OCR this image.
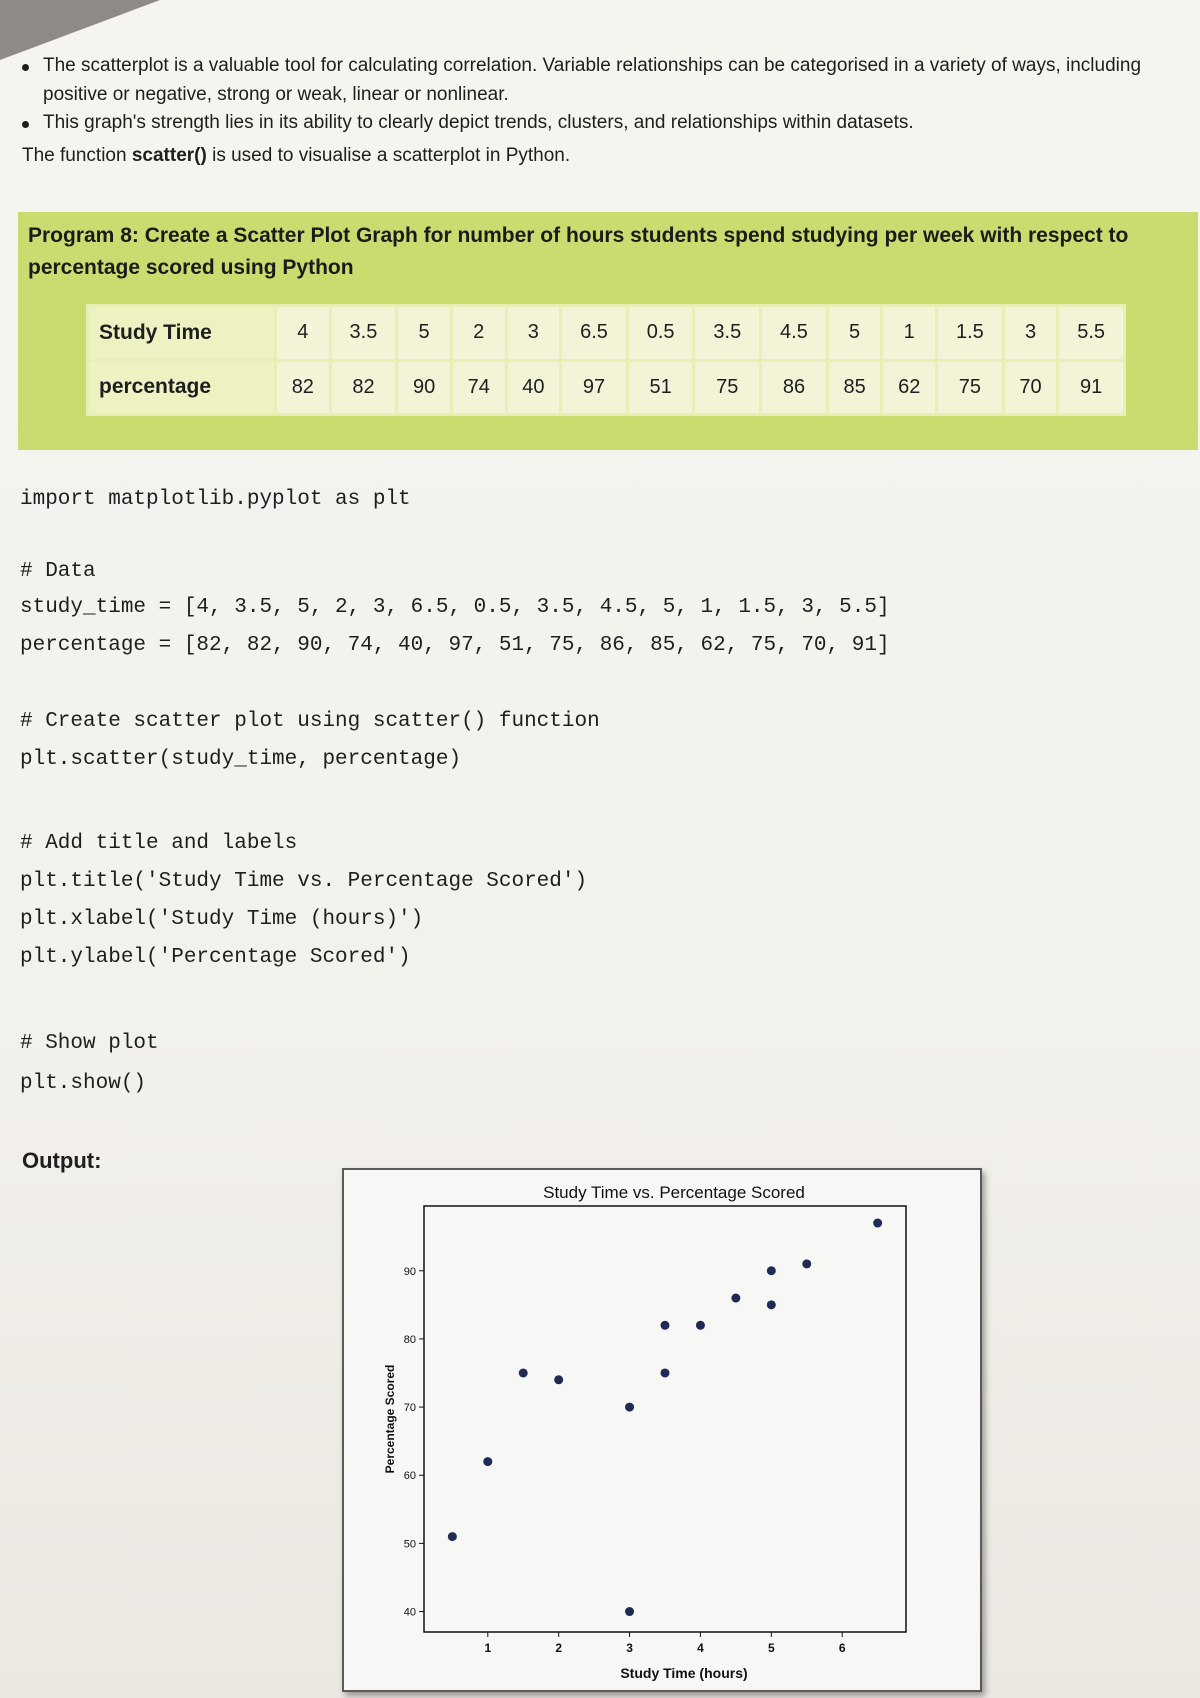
The scatterplot is a valuable tool for calculating correlation. Variable relationships can be categorised in a variety of ways, including positive or negative, strong or weak, linear or nonlinear.
This graph's strength lies in its ability to clearly depict trends, clusters, and relationships within datasets.
The function scatter() is used to visualise a scatterplot in Python.
Program 8: Create a Scatter Plot Graph for number of hours students spend studying per week with respect to percentage scored using Python
Study Time	4	3.5	5	2	3	6.5	0.5	3.5	4.5	5	1	1.5	3	5.5
percentage	82	82	90	74	40	97	51	75	86	85	62	75	70	91
import matplotlib.pyplot as plt
# Data
study_time = [4, 3.5, 5, 2, 3, 6.5, 0.5, 3.5, 4.5, 5, 1, 1.5, 3, 5.5]
percentage = [82, 82, 90, 74, 40, 97, 51, 75, 86, 85, 62, 75, 70, 91]
# Create scatter plot using scatter() function
plt.scatter(study_time, percentage)
# Add title and labels
plt.title('Study Time vs. Percentage Scored')
plt.xlabel('Study Time (hours)')
plt.ylabel('Percentage Scored')
# Show plot
plt.show()
Output:
Study Time vs. Percentage Scored
40
50
60
70
80
90
1	2	3	4	5	6
Percentage Scored
Study Time (hours)
